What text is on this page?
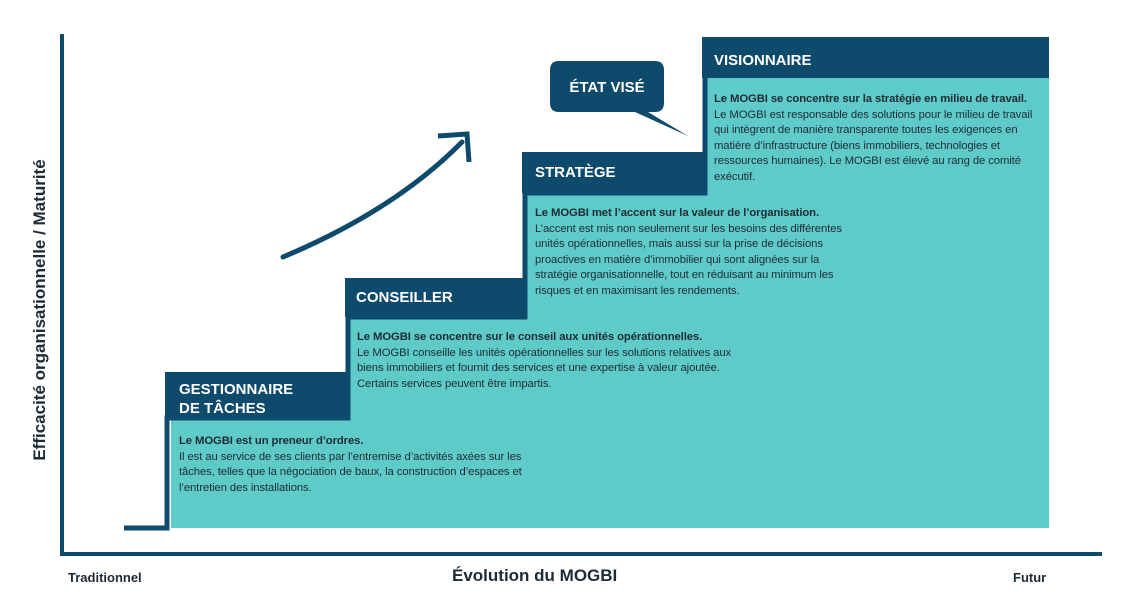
ÉTAT VISÉ
GESTIONNAIRE
DE TÂCHES
CONSEILLER
STRATÈGE
VISIONNAIRE
Le MOGBI est un preneur d’ordres.
Il est au service de ses clients par l’entremise d’activités axées sur les tâches, telles que la négociation de baux, la construction d’espaces et l’entretien des installations.
Le MOGBI se concentre sur le conseil aux unités opérationnelles.
Le MOGBI conseille les unités opérationnelles sur les solutions relatives aux biens immobiliers et fournit des services et une expertise à valeur ajoutée. Certains services peuvent être impartis.
Le MOGBI met l’accent sur la valeur de l’organisation.
L’accent est mis non seulement sur les besoins des différentes unités opérationnelles, mais aussi sur la prise de décisions proactives en matière d’immobilier qui sont alignées sur la stratégie organisationnelle, tout en réduisant au minimum les risques et en maximisant les rendements.
Le MOGBI se concentre sur la stratégie en milieu de travail.
Le MOGBI est responsable des solutions pour le milieu de travail qui intègrent de manière transparente toutes les exigences en matière d’infrastructure (biens immobiliers, technologies et ressources humaines). Le MOGBI est élevé au rang de comité exécutif.
Efficacité organisationnelle / Maturité
Évolution du MOGBI
Traditionnel	Futur
